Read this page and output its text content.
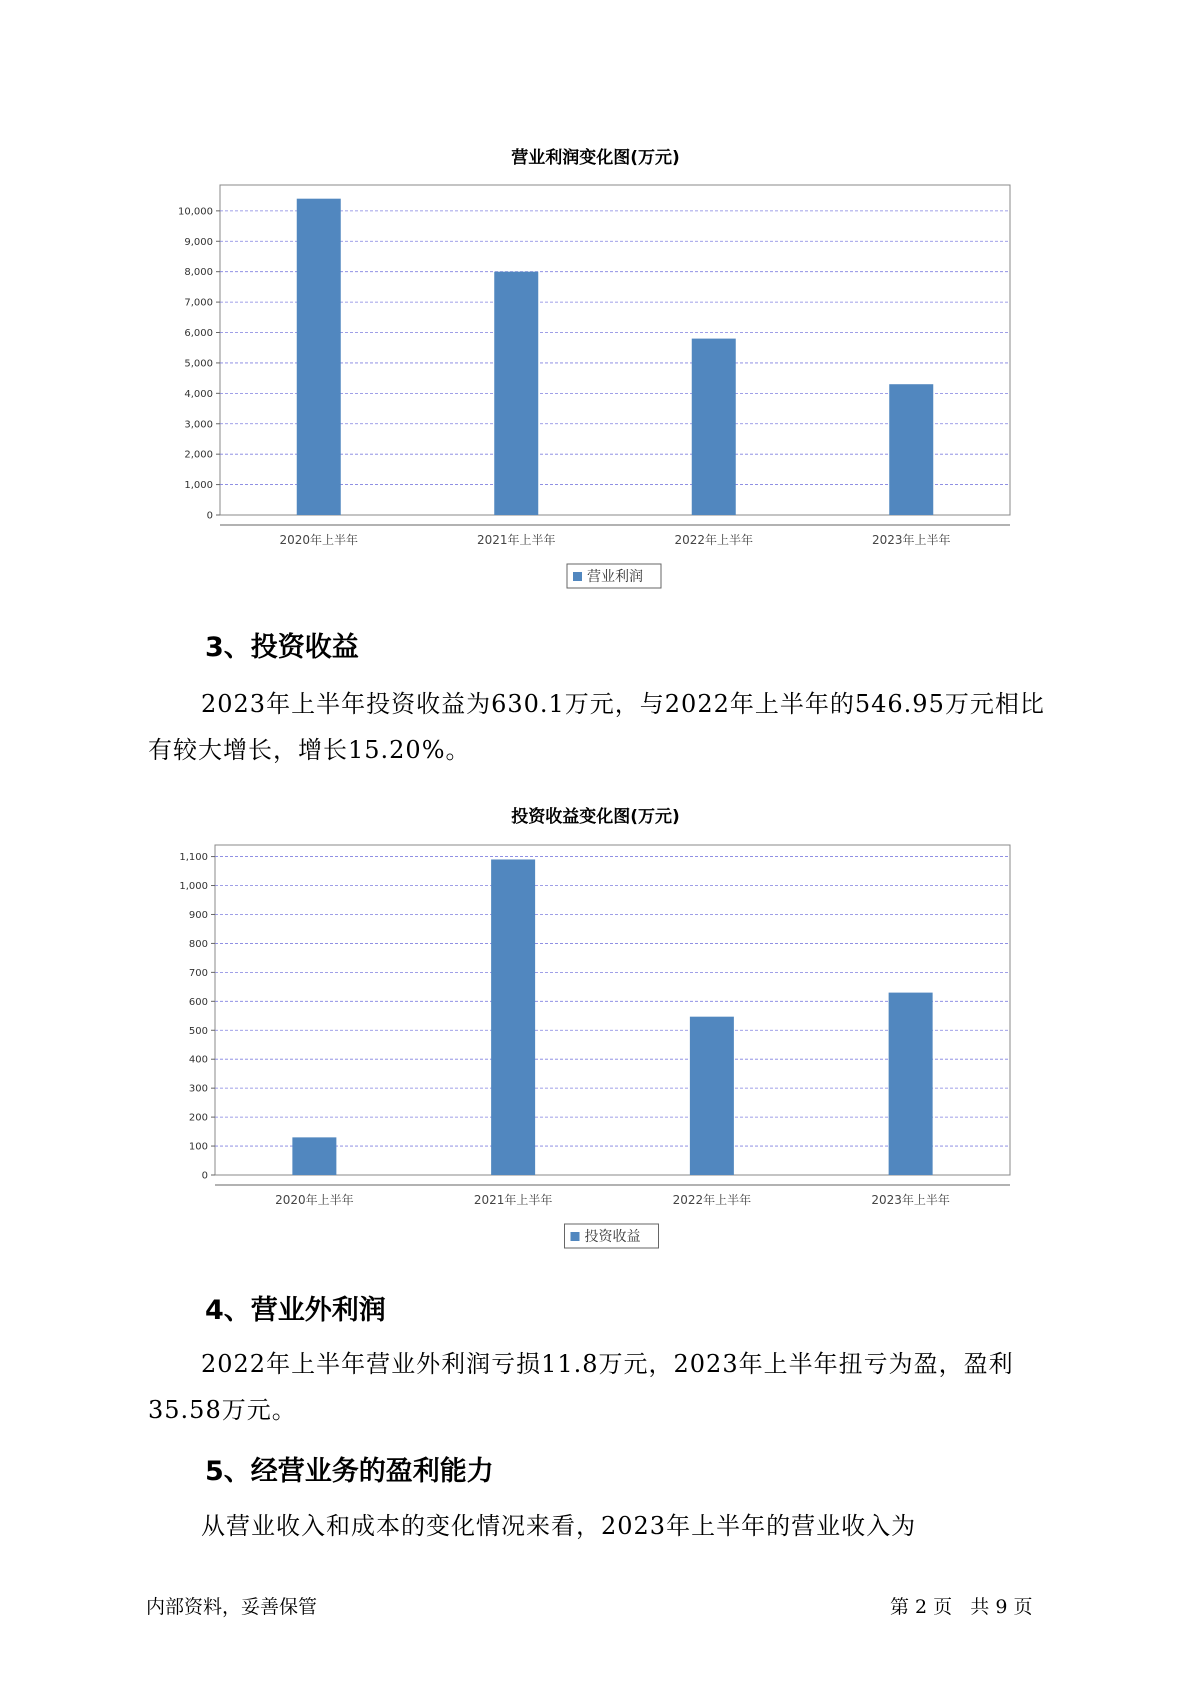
营业利润变化图(万元)
0
1,000
2,000
3,000
4,000
5,000
6,000
7,000
8,000
9,000
10,000
2020年上半年	2021年上半年	2022年上半年	2023年上半年
营业利润
3、投资收益

2023年上半年投资收益为630.1万元，与2022年上半年的546.95万元相比有较大增长，增长15.20%。

投资收益变化图(万元)
0
100
200
300
400
500
600
700
800
900
1,000
1,100
2020年上半年	2021年上半年	2022年上半年	2023年上半年
投资收益
4、营业外利润

2022年上半年营业外利润亏损11.8万元，2023年上半年扭亏为盈，盈利35.58万元。

5、经营业务的盈利能力

从营业收入和成本的变化情况来看，2023年上半年的营业收入为

内部资料，妥善保管	第 2 页   共 9 页
